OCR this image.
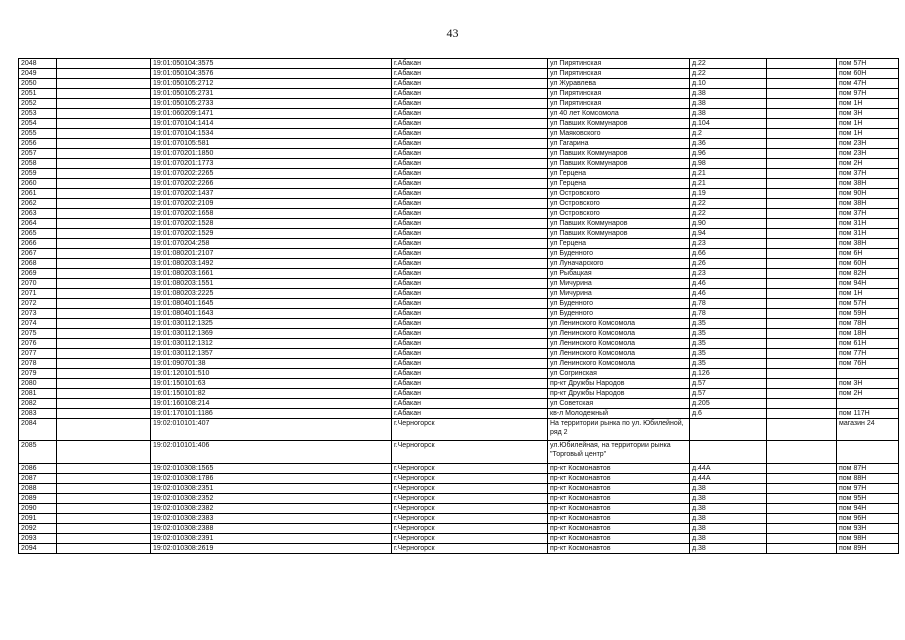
43
2048		19:01:050104:3575	г.Абакан	ул Пирятинская	д.22		пом 57Н
2049		19:01:050104:3576	г.Абакан	ул Пирятинская	д.22		пом 60Н
2050		19:01:050105:2712	г.Абакан	ул Журавлева	д.10		пом 47Н
2051		19:01:050105:2731	г.Абакан	ул Пирятинская	д.38		пом 97Н
2052		19:01:050105:2733	г.Абакан	ул Пирятинская	д.38		пом 1Н
2053		19:01:060209:1471	г.Абакан	ул 40 лет Комсомола	д.38		пом 3Н
2054		19:01:070104:1414	г.Абакан	ул Павших Коммунаров	д.104		пом 1Н
2055		19:01:070104:1534	г.Абакан	ул Маяковского	д.2		пом 1Н
2056		19:01:070105:581	г.Абакан	ул Гагарина	д.36		пом 23Н
2057		19:01:070201:1850	г.Абакан	ул Павших Коммунаров	д.96		пом 23Н
2058		19:01:070201:1773	г.Абакан	ул Павших Коммунаров	д.98		пом 2Н
2059		19:01:070202:2265	г.Абакан	ул Герцена	д.21		пом 37Н
2060		19:01:070202:2266	г.Абакан	ул Герцена	д.21		пом 38Н
2061		19:01:070202:1437	г.Абакан	ул Островского	д.19		пом 90Н
2062		19:01:070202:2109	г.Абакан	ул Островского	д.22		пом 38Н
2063		19:01:070202:1658	г.Абакан	ул Островского	д.22		пом 37Н
2064		19:01:070202:1528	г.Абакан	ул Павших Коммунаров	д.90		пом 31Н
2065		19:01:070202:1529	г.Абакан	ул Павших Коммунаров	д.94		пом 31Н
2066		19:01:070204:258	г.Абакан	ул Герцена	д.23		пом 38Н
2067		19:01:080201:2107	г.Абакан	ул Буденного	д.66		пом 6Н
2068		19:01:080203:1492	г.Абакан	ул Луначарского	д.26		пом 60Н
2069		19:01:080203:1661	г.Абакан	ул Рыбацкая	д.23		пом 82Н
2070		19:01:080203:1551	г.Абакан	ул Мичурина	д.46		пом 94Н
2071		19:01:080203:2225	г.Абакан	ул Мичурина	д.46		пом 1Н
2072		19:01:080401:1645	г.Абакан	ул Буденного	д.78		пом 57Н
2073		19:01:080401:1643	г.Абакан	ул Буденного	д.78		пом 59Н
2074		19:01:030112:1325	г.Абакан	ул Ленинского Комсомола	д.35		пом 78Н
2075		19:01:030112:1369	г.Абакан	ул Ленинского Комсомола	д.35		пом 18Н
2076		19:01:030112:1312	г.Абакан	ул Ленинского Комсомола	д.35		пом 61Н
2077		19:01:030112:1357	г.Абакан	ул Ленинского Комсомола	д.35		пом 77Н
2078		19:01:090701:38	г.Абакан	ул Ленинского Комсомола	д.35		пом 76Н
2079		19:01:120101:510	г.Абакан	ул Согринская	д.126		
2080		19:01:150101:63	г.Абакан	пр-кт Дружбы Народов	д.57		пом 3Н
2081		19:01:150101:82	г.Абакан	пр-кт Дружбы Народов	д.57		пом 2Н
2082		19:01:160108:214	г.Абакан	ул Советская	д.205		
2083		19:01:170101:1186	г.Абакан	кв-л Молодежный	д.6		пом 117Н
2084		19:02:010101:407	г.Черногорск	На территории рынка по ул. Юбилейной, ряд 2			магазин 24
2085		19:02:010101:406	г.Черногорск	ул.Юбилейная, на территории рынка "Торговый центр"			
2086		19:02:010308:1565	г.Черногорск	пр-кт Космонавтов	д.44А		пом 87Н
2087		19:02:010308:1786	г.Черногорск	пр-кт Космонавтов	д.44А		пом 88Н
2088		19:02:010308:2351	г.Черногорск	пр-кт Космонавтов	д.38		пом 97Н
2089		19:02:010308:2352	г.Черногорск	пр-кт Космонавтов	д.38		пом 95Н
2090		19:02:010308:2382	г.Черногорск	пр-кт Космонавтов	д.38		пом 94Н
2091		19:02:010308:2383	г.Черногорск	пр-кт Космонавтов	д.38		пом 96Н
2092		19:02:010308:2388	г.Черногорск	пр-кт Космонавтов	д.38		пом 93Н
2093		19:02:010308:2391	г.Черногорск	пр-кт Космонавтов	д.38		пом 98Н
2094		19:02:010308:2619	г.Черногорск	пр-кт Космонавтов	д.38		пом 89Н
